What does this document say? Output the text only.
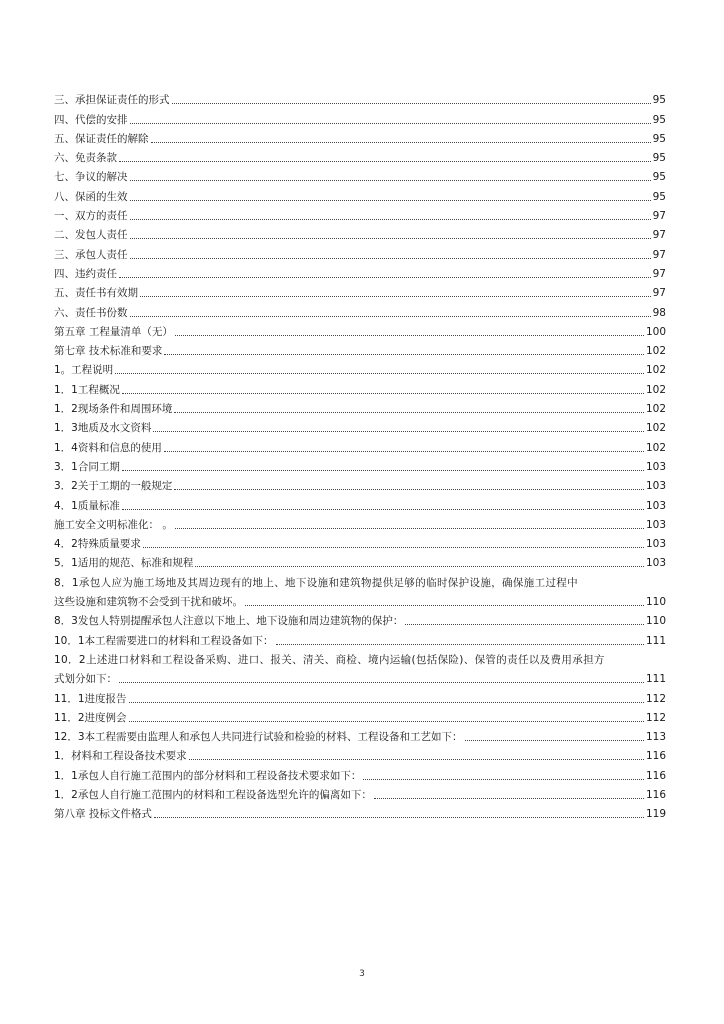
三、承担保证责任的形式	95
四、代偿的安排	95
五、保证责任的解除	95
六、免责条款	95
七、争议的解决	95
八、保函的生效	95
一、双方的责任	97
二、发包人责任	97
三、承包人责任	97
四、违约责任	97
五、责任书有效期	97
六、责任书份数	98
第五章 工程量清单（无）	100
第七章 技术标准和要求	102
1。工程说明	102
1．1工程概况	102
1．2现场条件和周围环境	102
1．3地质及水文资料	102
1．4资料和信息的使用	102
3．1合同工期	103
3．2关于工期的一般规定	103
4．1质量标准	103
施工安全文明标准化： 。	103
4．2特殊质量要求	103
5．1适用的规范、标准和规程	103
8．1承包人应为施工场地及其周边现有的地上、地下设施和建筑物提供足够的临时保护设施，确保施工过程中
这些设施和建筑物不会受到干扰和破坏。	110
8．3发包人特别提醒承包人注意以下地上、地下设施和周边建筑物的保护：	110
10．1本工程需要进口的材料和工程设备如下：	111
10．2上述进口材料和工程设备采购、进口、报关、清关、商检、境内运输(包括保险)、保管的责任以及费用承担方
式划分如下：	111
11．1进度报告	112
11．2进度例会	112
12．3本工程需要由监理人和承包人共同进行试验和检验的材料、工程设备和工艺如下：	113
1．材料和工程设备技术要求	116
1．1承包人自行施工范围内的部分材料和工程设备技术要求如下：	116
1．2承包人自行施工范围内的材料和工程设备选型允许的偏离如下：	116
第八章 投标文件格式	119
3
